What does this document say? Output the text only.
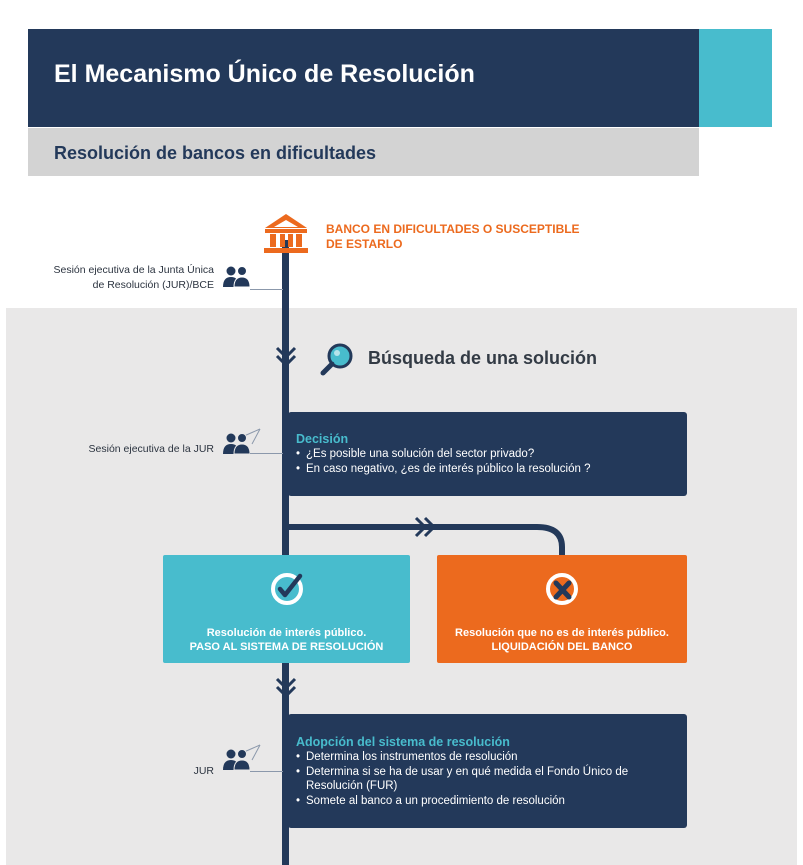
El Mecanismo Único de Resolución
Resolución de bancos en dificultades
BANCO EN DIFICULTADES O SUSCEPTIBLE
DE ESTARLO
Sesión ejecutiva de la Junta Única
de Resolución (JUR)/BCE
Búsqueda de una solución
Sesión ejecutiva de la JUR
Decisión
• ¿Es posible una solución del sector privado?
• En caso negativo, ¿es de interés público la resolución ?
Resolución de interés público.
PASO AL SISTEMA DE RESOLUCIÓN
Resolución que no es de interés público.
LIQUIDACIÓN DEL BANCO
JUR
Adopción del sistema de resolución
• Determina los instrumentos de resolución
• Determina si se ha de usar y en qué medida el Fondo Único de Resolución (FUR)
• Somete al banco a un procedimiento de resolución
